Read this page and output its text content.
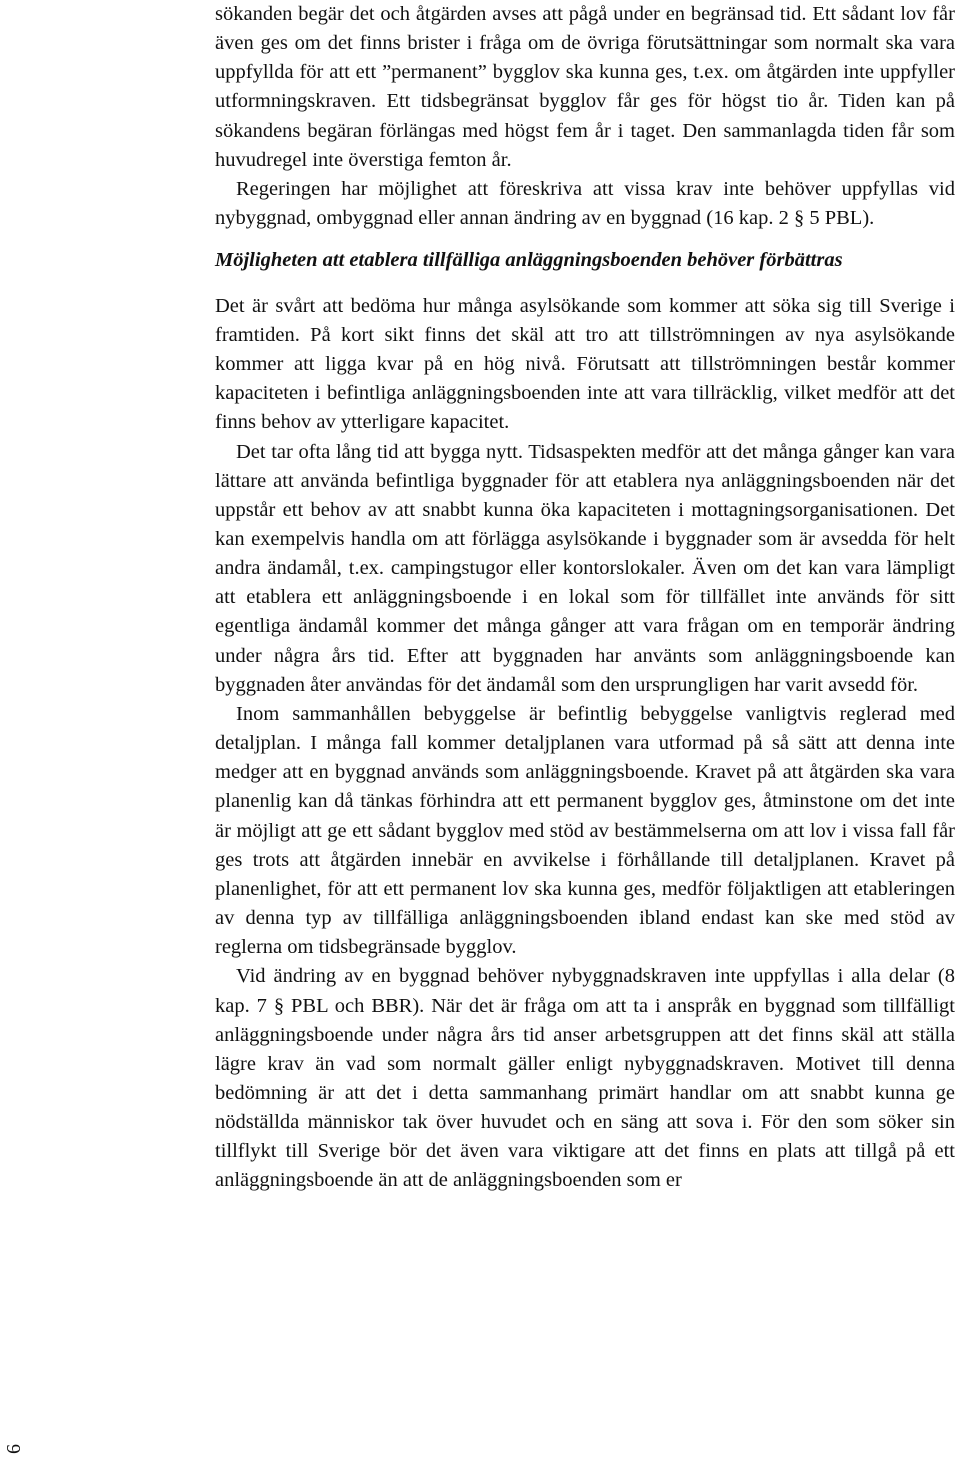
sökanden begär det och åtgärden avses att pågå under en begränsad tid. Ett sådant lov får även ges om det finns brister i fråga om de övriga förutsättningar som normalt ska vara uppfyllda för att ett ”permanent” bygglov ska kunna ges, t.ex. om åtgärden inte uppfyller utformningskraven. Ett tidsbegränsat bygglov får ges för högst tio år. Tiden kan på sökandens begäran förlängas med högst fem år i taget. Den sammanlagda tiden får som huvudregel inte överstiga femton år.

Regeringen har möjlighet att föreskriva att vissa krav inte behöver uppfyllas vid nybyggnad, ombyggnad eller annan ändring av en byggnad (16 kap. 2 § 5 PBL).

Möjligheten att etablera tillfälliga anläggningsboenden behöver förbättras

Det är svårt att bedöma hur många asylsökande som kommer att söka sig till Sverige i framtiden. På kort sikt finns det skäl att tro att tillströmningen av nya asylsökande kommer att ligga kvar på en hög nivå. Förutsatt att tillströmningen består kommer kapaciteten i befintliga anläggningsboenden inte att vara tillräcklig, vilket medför att det finns behov av ytterligare kapacitet.

Det tar ofta lång tid att bygga nytt. Tidsaspekten medför att det många gånger kan vara lättare att använda befintliga byggnader för att etablera nya anläggningsboenden när det uppstår ett behov av att snabbt kunna öka kapaciteten i mottagningsorganisationen. Det kan exempelvis handla om att förlägga asylsökande i byggnader som är avsedda för helt andra ändamål, t.ex. campingstugor eller kontorslokaler. Även om det kan vara lämpligt att etablera ett anläggningsboende i en lokal som för tillfället inte används för sitt egentliga ändamål kommer det många gånger att vara frågan om en temporär ändring under några års tid. Efter att byggnaden har använts som anläggningsboende kan byggnaden åter användas för det ändamål som den ursprungligen har varit avsedd för.

Inom sammanhållen bebyggelse är befintlig bebyggelse vanligtvis reglerad med detaljplan. I många fall kommer detaljplanen vara utformad på så sätt att denna inte medger att en byggnad används som anläggningsboende. Kravet på att åtgärden ska vara planenlig kan då tänkas förhindra att ett permanent bygglov ges, åtminstone om det inte är möjligt att ge ett sådant bygglov med stöd av bestämmelserna om att lov i vissa fall får ges trots att åtgärden innebär en avvikelse i förhållande till detaljplanen. Kravet på planenlighet, för att ett permanent lov ska kunna ges, medför följaktligen att etableringen av denna typ av tillfälliga anläggningsboenden ibland endast kan ske med stöd av reglerna om tidsbegränsade bygglov.

Vid ändring av en byggnad behöver nybyggnadskraven inte uppfyllas i alla delar (8 kap. 7 § PBL och BBR). När det är fråga om att ta i anspråk en byggnad som tillfälligt anläggningsboende under några års tid anser arbetsgruppen att det finns skäl att ställa lägre krav än vad som normalt gäller enligt nybyggnadskraven. Motivet till denna bedömning är att det i detta sammanhang primärt handlar om att snabbt kunna ge nödställda människor tak över huvudet och en säng att sova i. För den som söker sin tillflykt till Sverige bör det även vara viktigare att det finns en plats att tillgå på ett anläggningsboende än att de anläggningsboenden som er

6
